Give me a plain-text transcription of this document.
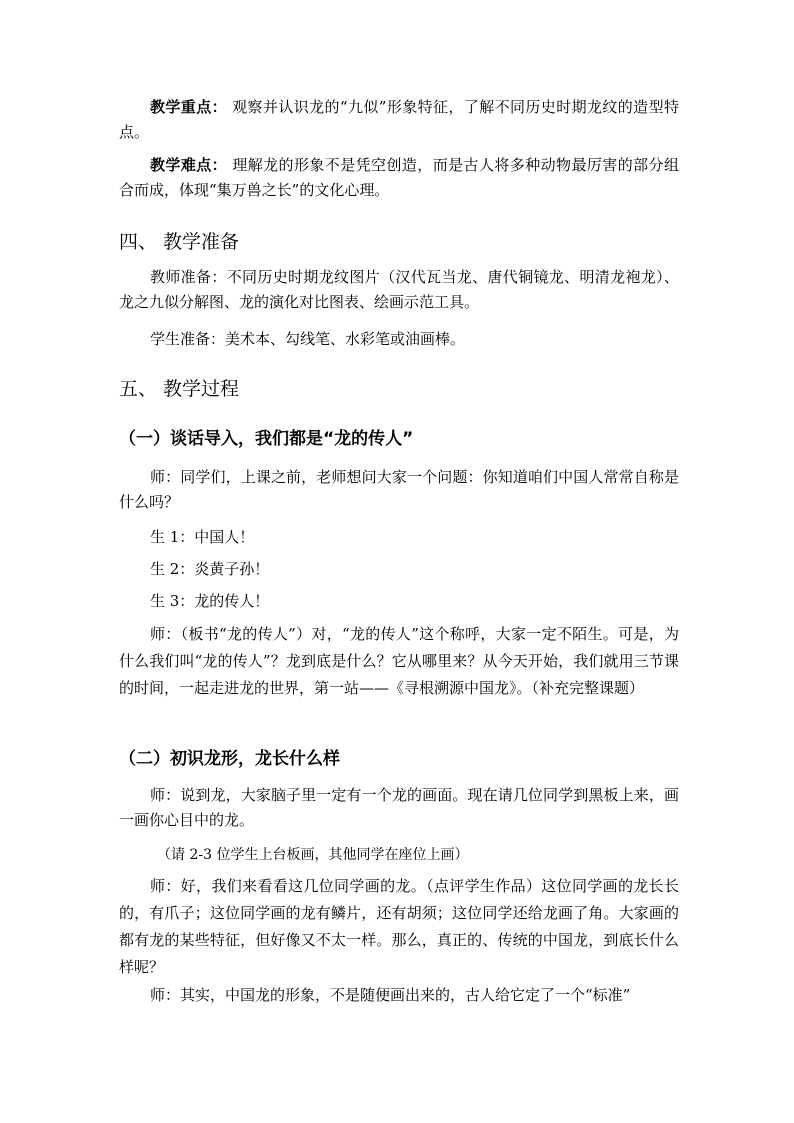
教学重点： 观察并认识龙的“九似”形象特征，了解不同历史时期龙纹的造型特点。

教学难点： 理解龙的形象不是凭空创造，而是古人将多种动物最厉害的部分组合而成，体现“集万兽之长”的文化心理。

四、 教学准备

教师准备：不同历史时期龙纹图片（汉代瓦当龙、唐代铜镜龙、明清龙袍龙）、龙之九似分解图、龙的演化对比图表、绘画示范工具。

学生准备：美术本、勾线笔、水彩笔或油画棒。

五、 教学过程
（一）谈话导入，我们都是“龙的传人”

师：同学们，上课之前，老师想问大家一个问题：你知道咱们中国人常常自称是什么吗？

生 1：中国人！

生 2：炎黄子孙！

生 3：龙的传人！

师：（板书“龙的传人”）对，“龙的传人”这个称呼，大家一定不陌生。可是，为什么我们叫“龙的传人”？龙到底是什么？它从哪里来？从今天开始，我们就用三节课的时间，一起走进龙的世界，第一站——《寻根溯源中国龙》。（补充完整课题）

（二）初识龙形，龙长什么样

师：说到龙，大家脑子里一定有一个龙的画面。现在请几位同学到黑板上来，画一画你心目中的龙。

（请 2-3 位学生上台板画，其他同学在座位上画）

师：好，我们来看看这几位同学画的龙。（点评学生作品）这位同学画的龙长长的，有爪子；这位同学画的龙有鳞片，还有胡须；这位同学还给龙画了角。大家画的都有龙的某些特征，但好像又不太一样。那么，真正的、传统的中国龙，到底长什么样呢？

师：其实，中国龙的形象，不是随便画出来的，古人给它定了一个“标准”
